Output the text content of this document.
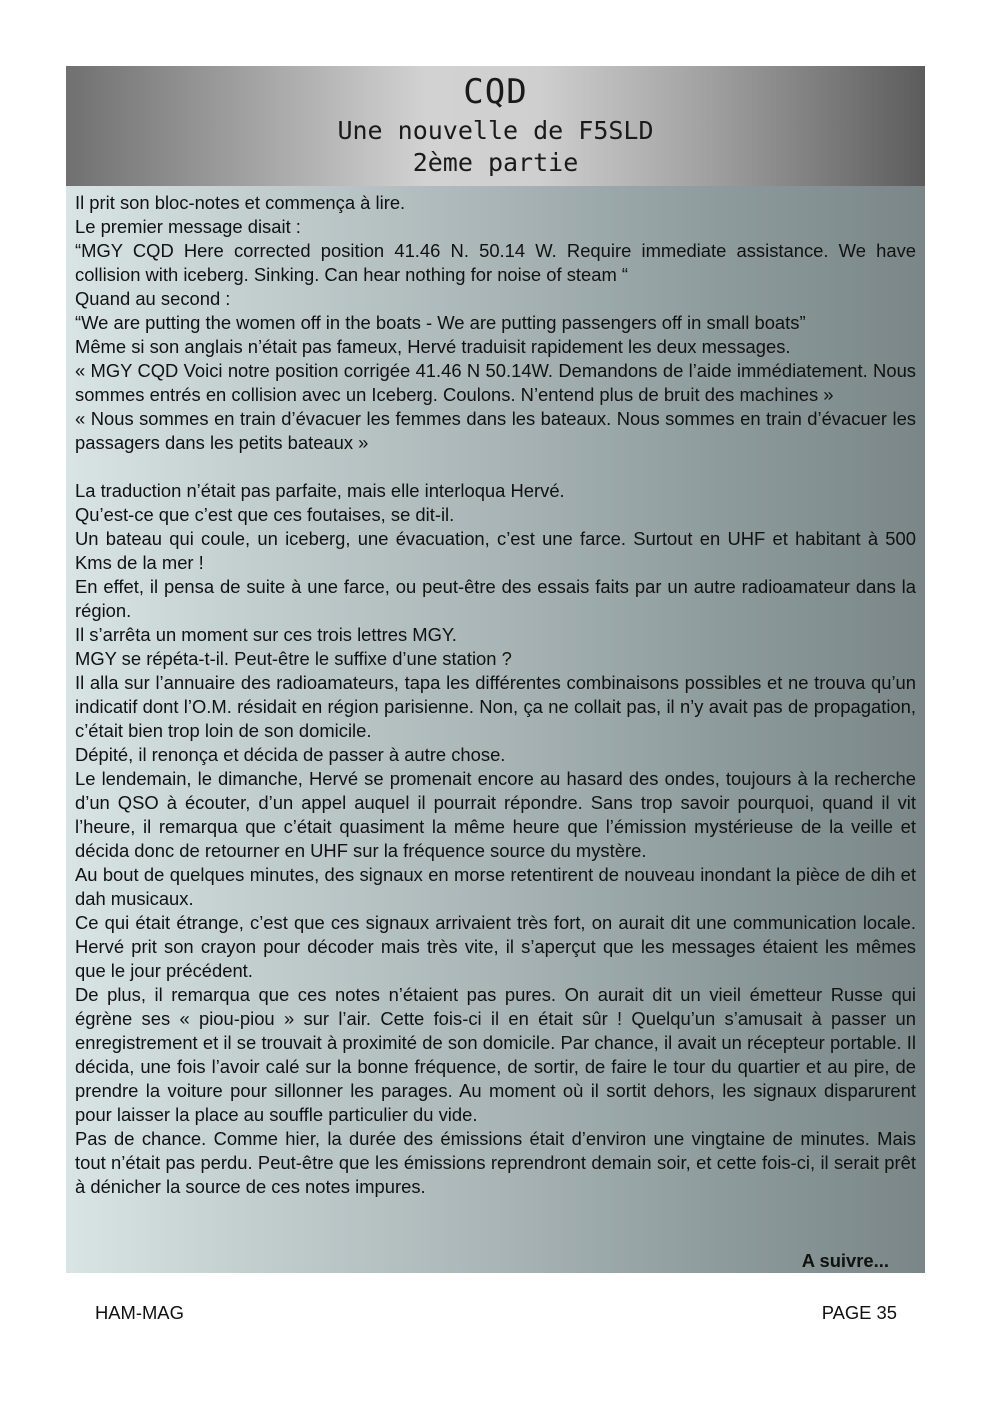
CQD
Une nouvelle de F5SLD
2ème partie

Il prit son bloc-notes et commença à lire.

Le premier message disait :

“MGY CQD Here corrected position 41.46 N. 50.14 W. Require immediate assistance. We have collision with iceberg. Sinking. Can hear nothing for noise of steam “

Quand au second :

“We are putting the women off in the boats - We are putting passengers off in small boats”

Même si son anglais n’était pas fameux, Hervé traduisit rapidement les deux messages.

« MGY CQD Voici notre position corrigée 41.46 N 50.14W. Demandons de l’aide immédiatement. Nous sommes entrés en collision avec un Iceberg. Coulons. N’entend plus de bruit des machines »

« Nous sommes en train d’évacuer les femmes dans les bateaux. Nous sommes en train d’évacuer les passagers dans les petits bateaux »

La traduction n’était pas parfaite, mais elle interloqua Hervé.

Qu’est-ce que c’est que ces foutaises, se dit-il.

Un bateau qui coule, un iceberg, une évacuation, c’est une farce. Surtout en UHF et habitant à 500 Kms de la mer !

En effet, il pensa de suite à une farce, ou peut-être des essais faits par un autre radioamateur dans la région.

Il s’arrêta un moment sur ces trois lettres MGY.

MGY se répéta-t-il. Peut-être le suffixe d’une station ?

Il alla sur l’annuaire des radioamateurs, tapa les différentes combinaisons possibles et ne trouva qu’un indicatif dont l’O.M. résidait en région parisienne. Non, ça ne collait pas, il n’y avait pas de propagation, c’était bien trop loin de son domicile.

Dépité, il renonça et décida de passer à autre chose.

Le lendemain, le dimanche, Hervé se promenait encore au hasard des ondes, toujours à la recherche d’un QSO à écouter, d’un appel auquel il pourrait répondre. Sans trop savoir pourquoi, quand il vit l’heure, il remarqua que c’était quasiment la même heure que l’émission mystérieuse de la veille et décida donc de retourner en UHF sur la fréquence source du mystère.

Au bout de quelques minutes, des signaux en morse retentirent de nouveau inondant la pièce de dih et dah musicaux.

Ce qui était étrange, c’est que ces signaux arrivaient très fort, on aurait dit une communication locale. Hervé prit son crayon pour décoder mais très vite, il s’aperçut que les messages étaient les mêmes que le jour précédent.

De plus, il remarqua que ces notes n’étaient pas pures. On aurait dit un vieil émetteur Russe qui égrène ses « piou-piou » sur l’air. Cette fois-ci il en était sûr ! Quelqu’un s’amusait à passer un enregistrement et il se trouvait à proximité de son domicile. Par chance, il avait un récepteur portable. Il décida, une fois l’avoir calé sur la bonne fréquence, de sortir, de faire le tour du quartier et au pire, de prendre la voiture pour sillonner les parages. Au moment où il sortit dehors, les signaux disparurent pour laisser la place au souffle particulier du vide.

Pas de chance. Comme hier, la durée des émissions était d’environ une vingtaine de minutes. Mais tout n’était pas perdu. Peut-être que les émissions reprendront demain soir, et cette fois-ci, il serait prêt à dénicher la source de ces notes impures.

A suivre...
HAM-MAG	PAGE 35
